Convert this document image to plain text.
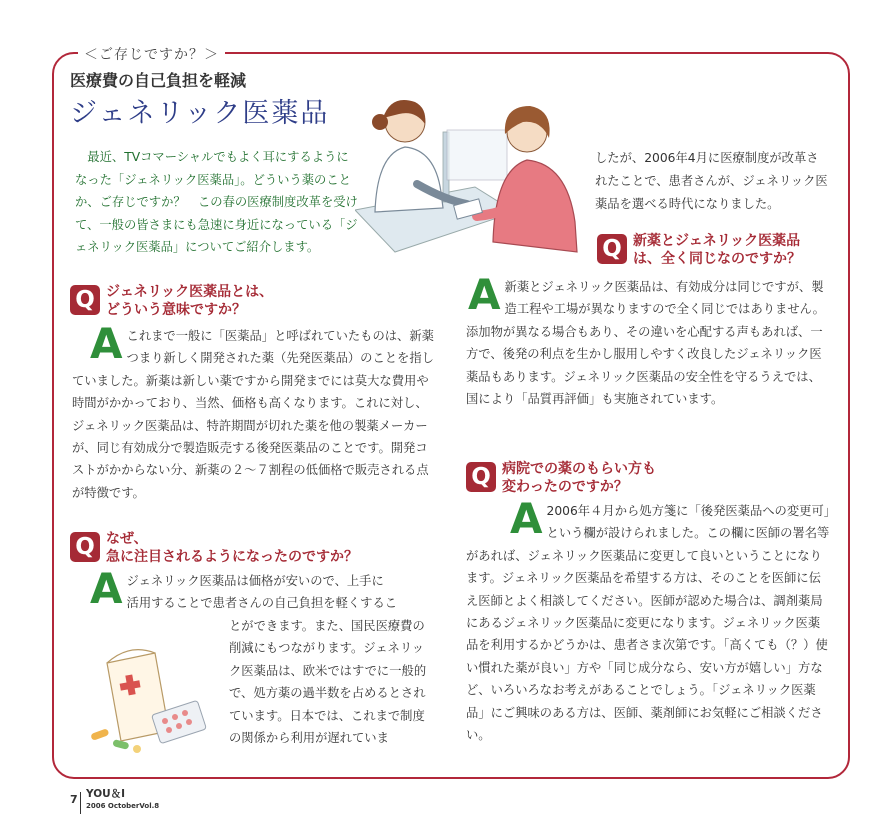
＜ご存じですか？＞
医療費の自己負担を軽減
ジェネリック医薬品
最近、TVコマーシャルでもよく耳にするようになった「ジェネリック医薬品」。どういう薬のことか、ご存じですか？　この春の医療制度改革を受けて、一般の皆さまにも急速に身近になっている「ジェネリック医薬品」についてご紹介します。
したが、2006年4月に医療制度が改革されたことで、患者さんが、ジェネリック医薬品を選べる時代になりました。
Q ジェネリック医薬品とは、
どういう意味ですか？
Aこれまで一般に「医薬品」と呼ばれていたものは、新薬つまり新しく開発された薬（先発医薬品）のことを指していました。新薬は新しい薬ですから開発までには莫大な費用や時間がかかっており、当然、価格も高くなります。これに対し、ジェネリック医薬品は、特許期間が切れた薬を他の製薬メーカーが、同じ有効成分で製造販売する後発医薬品のことです。開発コストがかからない分、新薬の２～７割程の低価格で販売される点が特徴です。
Q なぜ、
急に注目されるようになったのですか？
A ジェネリック医薬品は価格が安いので、上手に
活用することで患者さんの自己負担を軽くするこ
とができます。また、国民医療費の削減にもつながります。ジェネリック医薬品は、欧米ではすでに一般的で、処方薬の過半数を占めるとされています。日本では、これまで制度の関係から利用が遅れていま
Q 新薬とジェネリック医薬品
は、全く同じなのですか？
A新薬とジェネリック医薬品は、有効成分は同じですが、製造工程や工場が異なりますので全く同じではありません。添加物が異なる場合もあり、その違いを心配する声もあれば、一方で、後発の利点を生かし服用しやすく改良したジェネリック医薬品もあります。ジェネリック医薬品の安全性を守るうえでは、国により「品質再評価」も実施されています。
Q 病院での薬のもらい方も
変わったのですか？
A 2006年４月から処方箋に「後発医薬品への変更可」という欄が設けられました。この欄に医師の署名等があれば、ジェネリック医薬品に変更して良いということになります。ジェネリック医薬品を希望する方は、そのことを医師に伝え医師とよく相談してください。医師が認めた場合は、調剤薬局にあるジェネリック医薬品に変更になります。ジェネリック医薬品を利用するかどうかは、患者さま次第です。「高くても（？）使い慣れた薬が良い」方や「同じ成分なら、安い方が嬉しい」方など、いろいろなお考えがあることでしょう。「ジェネリック医薬品」にご興味のある方は、医師、薬剤師にお気軽にご相談ください。
7 YOU＆I
2006 OctoberVol.8
